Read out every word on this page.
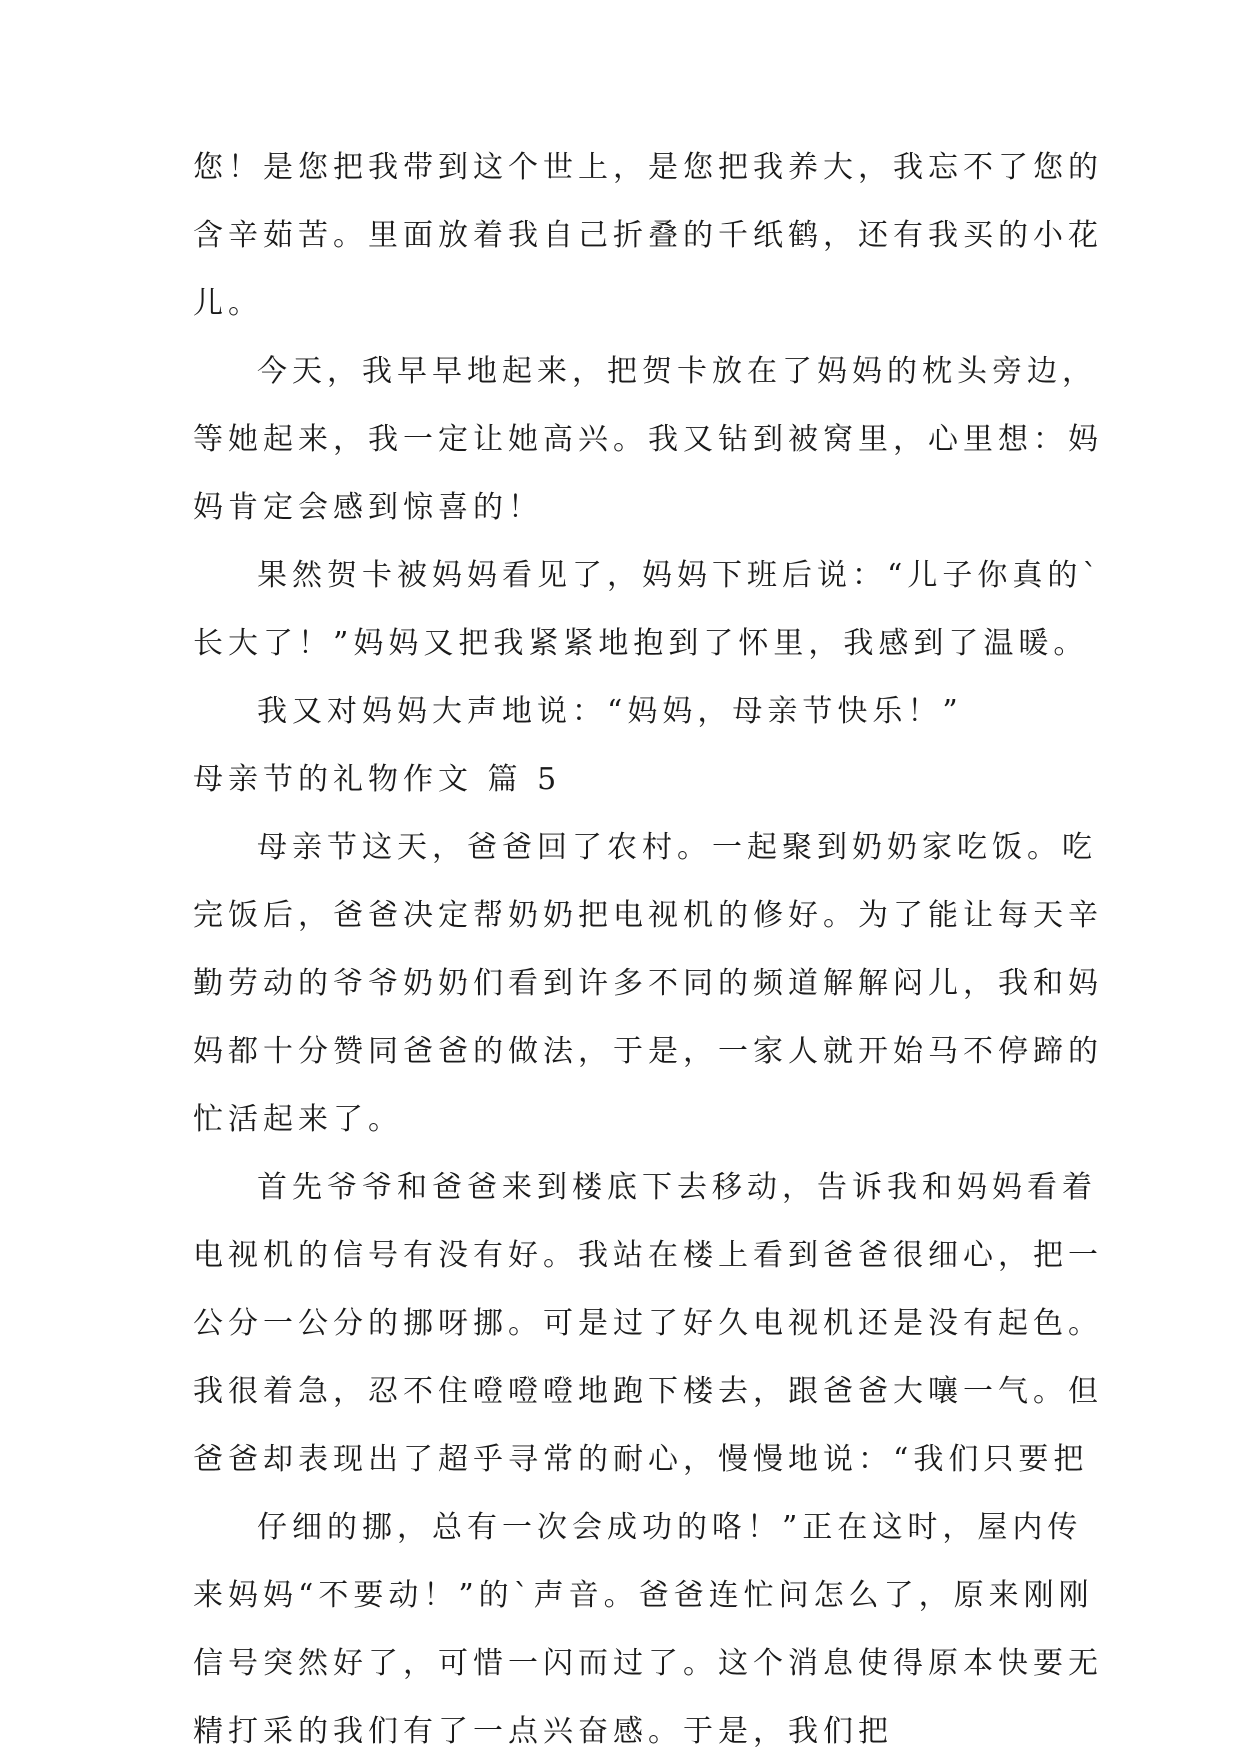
您！是您把我带到这个世上，是您把我养大，我忘不了您的
含辛茹苦。里面放着我自己折叠的千纸鹤，还有我买的小花
儿。
今天，我早早地起来，把贺卡放在了妈妈的枕头旁边，
等她起来，我一定让她高兴。我又钻到被窝里，心里想：妈
妈肯定会感到惊喜的！
果然贺卡被妈妈看见了，妈妈下班后说：“儿子你真的`
长大了！”妈妈又把我紧紧地抱到了怀里，我感到了温暖。
我又对妈妈大声地说：“妈妈，母亲节快乐！”
母亲节的礼物作文 篇 5
母亲节这天，爸爸回了农村。一起聚到奶奶家吃饭。吃
完饭后，爸爸决定帮奶奶把电视机的修好。为了能让每天辛
勤劳动的爷爷奶奶们看到许多不同的频道解解闷儿，我和妈
妈都十分赞同爸爸的做法，于是，一家人就开始马不停蹄的
忙活起来了。
首先爷爷和爸爸来到楼底下去移动，告诉我和妈妈看着
电视机的信号有没有好。我站在楼上看到爸爸很细心，把一
公分一公分的挪呀挪。可是过了好久电视机还是没有起色。
我很着急，忍不住噔噔噔地跑下楼去，跟爸爸大嚷一气。但
爸爸却表现出了超乎寻常的耐心，慢慢地说：“我们只要把
仔细的挪，总有一次会成功的咯！”正在这时，屋内传
来妈妈“不要动！”的`声音。爸爸连忙问怎么了，原来刚刚
信号突然好了，可惜一闪而过了。这个消息使得原本快要无
精打采的我们有了一点兴奋感。于是，我们把
